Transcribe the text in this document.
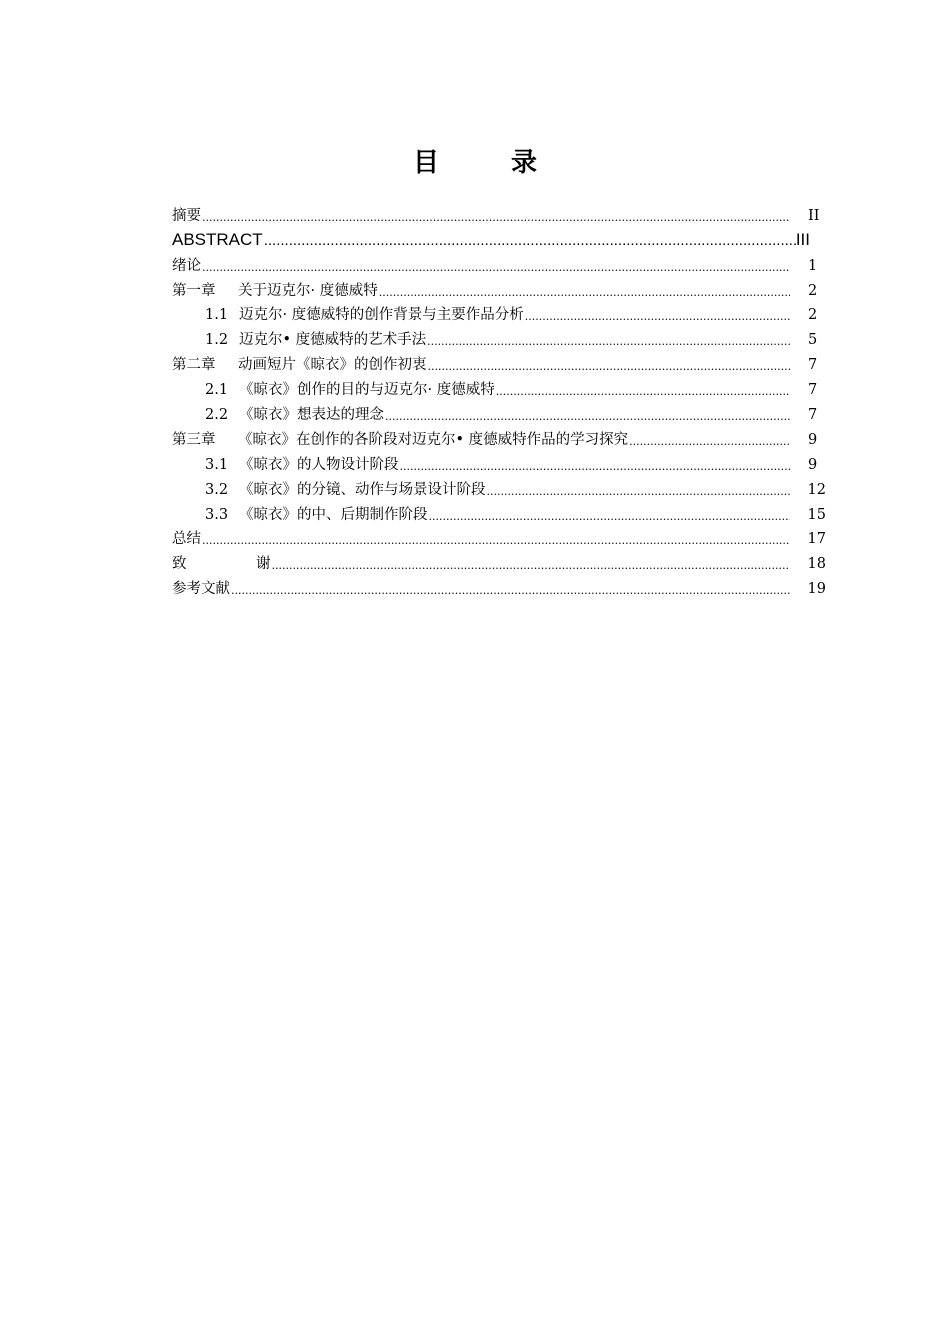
目	录
摘要 .....	II
ABSTRACT .....	III
绪论 .....	1
第一章 关于迈克尔· 度德威特 .....	2
1.1 迈克尔· 度德威特的创作背景与主要作品分析 .....	2
1.2 迈克尔• 度德威特的艺术手法 .....	5
第二章 动画短片《晾衣》的创作初衷 .....	7
2.1 《晾衣》创作的目的与迈克尔· 度德威特 .....	7
2.2 《晾衣》想表达的理念 .....	7
第三章 《晾衣》在创作的各阶段对迈克尔• 度德威特作品的学习探究 .....	9
3.1 《晾衣》的人物设计阶段 .....	9
3.2 《晾衣》的分镜、动作与场景设计阶段 .....	12
3.3 《晾衣》的中、后期制作阶段 .....	15
总结 .....	17
致	谢 .....	18
参考文献 .....	19
